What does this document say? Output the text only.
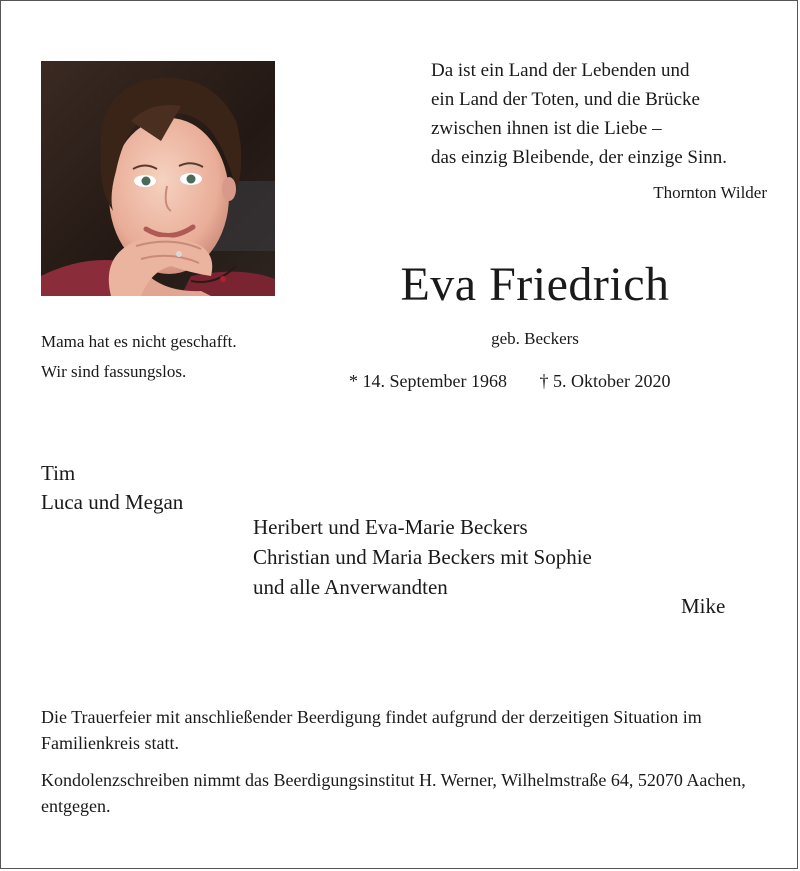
Da ist ein Land der Lebenden und
ein Land der Toten, und die Brücke
zwischen ihnen ist die Liebe –
das einzig Bleibende, der einzige Sinn.
Thornton Wilder
Eva Friedrich
geb. Beckers
* 14. September 1968 † 5. Oktober 2020
Mama hat es nicht geschafft.
Wir sind fassungslos.
Tim
Luca und Megan
Heribert und Eva-Marie Beckers
Christian und Maria Beckers mit Sophie
und alle Anverwandten
Mike

Die Trauerfeier mit anschließender Beerdigung findet aufgrund der derzeitigen Situation im Familienkreis statt.

Kondolenzschreiben nimmt das Beerdigungsinstitut H. Werner, Wilhelmstraße 64, 52070 Aachen, entgegen.
